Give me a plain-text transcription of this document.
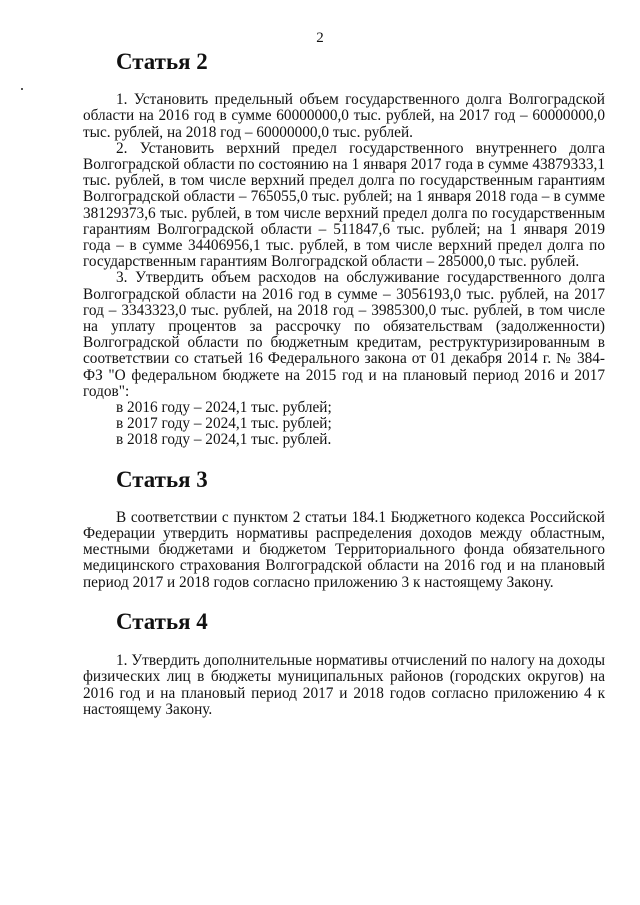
2
Статья 2

1. Установить предельный объем государственного долга Волгоградской области на 2016 год в сумме 60000000,0 тыс. рублей, на 2017 год – 60000000,0 тыс. рублей, на 2018 год – 60000000,0 тыс. рублей.

2. Установить верхний предел государственного внутреннего долга Волгоградской области по состоянию на 1 января 2017 года в сумме 43879333,1 тыс. рублей, в том числе верхний предел долга по государственным гарантиям Волгоградской области – 765055,0 тыс. рублей; на 1 января 2018 года – в сумме 38129373,6 тыс. рублей, в том числе верхний предел долга по государственным гарантиям Волгоградской области – 511847,6 тыс. рублей; на 1 января 2019 года – в сумме 34406956,1 тыс. рублей, в том числе верхний предел долга по государственным гарантиям Волгоградской области – 285000,0 тыс. рублей.

3. Утвердить объем расходов на обслуживание государственного долга Волгоградской области на 2016 год в сумме – 3056193,0 тыс. рублей, на 2017 год – 3343323,0 тыс. рублей, на 2018 год – 3985300,0 тыс. рублей, в том числе на уплату процентов за рассрочку по обязательствам (задолженности) Волгоградской области по бюджетным кредитам, реструктуризированным в соответствии со статьей 16 Федерального закона от 01 декабря 2014 г. № 384-ФЗ "О федеральном бюджете на 2015 год и на плановый период 2016 и 2017 годов":

в 2016 году – 2024,1 тыс. рублей;

в 2017 году – 2024,1 тыс. рублей;

в 2018 году – 2024,1 тыс. рублей.

Статья 3

В соответствии с пунктом 2 статьи 184.1 Бюджетного кодекса Российской Федерации утвердить нормативы распределения доходов между областным, местными бюджетами и бюджетом Территориального фонда обязательного медицинского страхования Волгоградской области на 2016 год и на плановый период 2017 и 2018 годов согласно приложению 3 к настоящему Закону.

Статья 4

1. Утвердить дополнительные нормативы отчислений по налогу на доходы физических лиц в бюджеты муниципальных районов (городских округов) на 2016 год и на плановый период 2017 и 2018 годов согласно приложению 4 к настоящему Закону.
